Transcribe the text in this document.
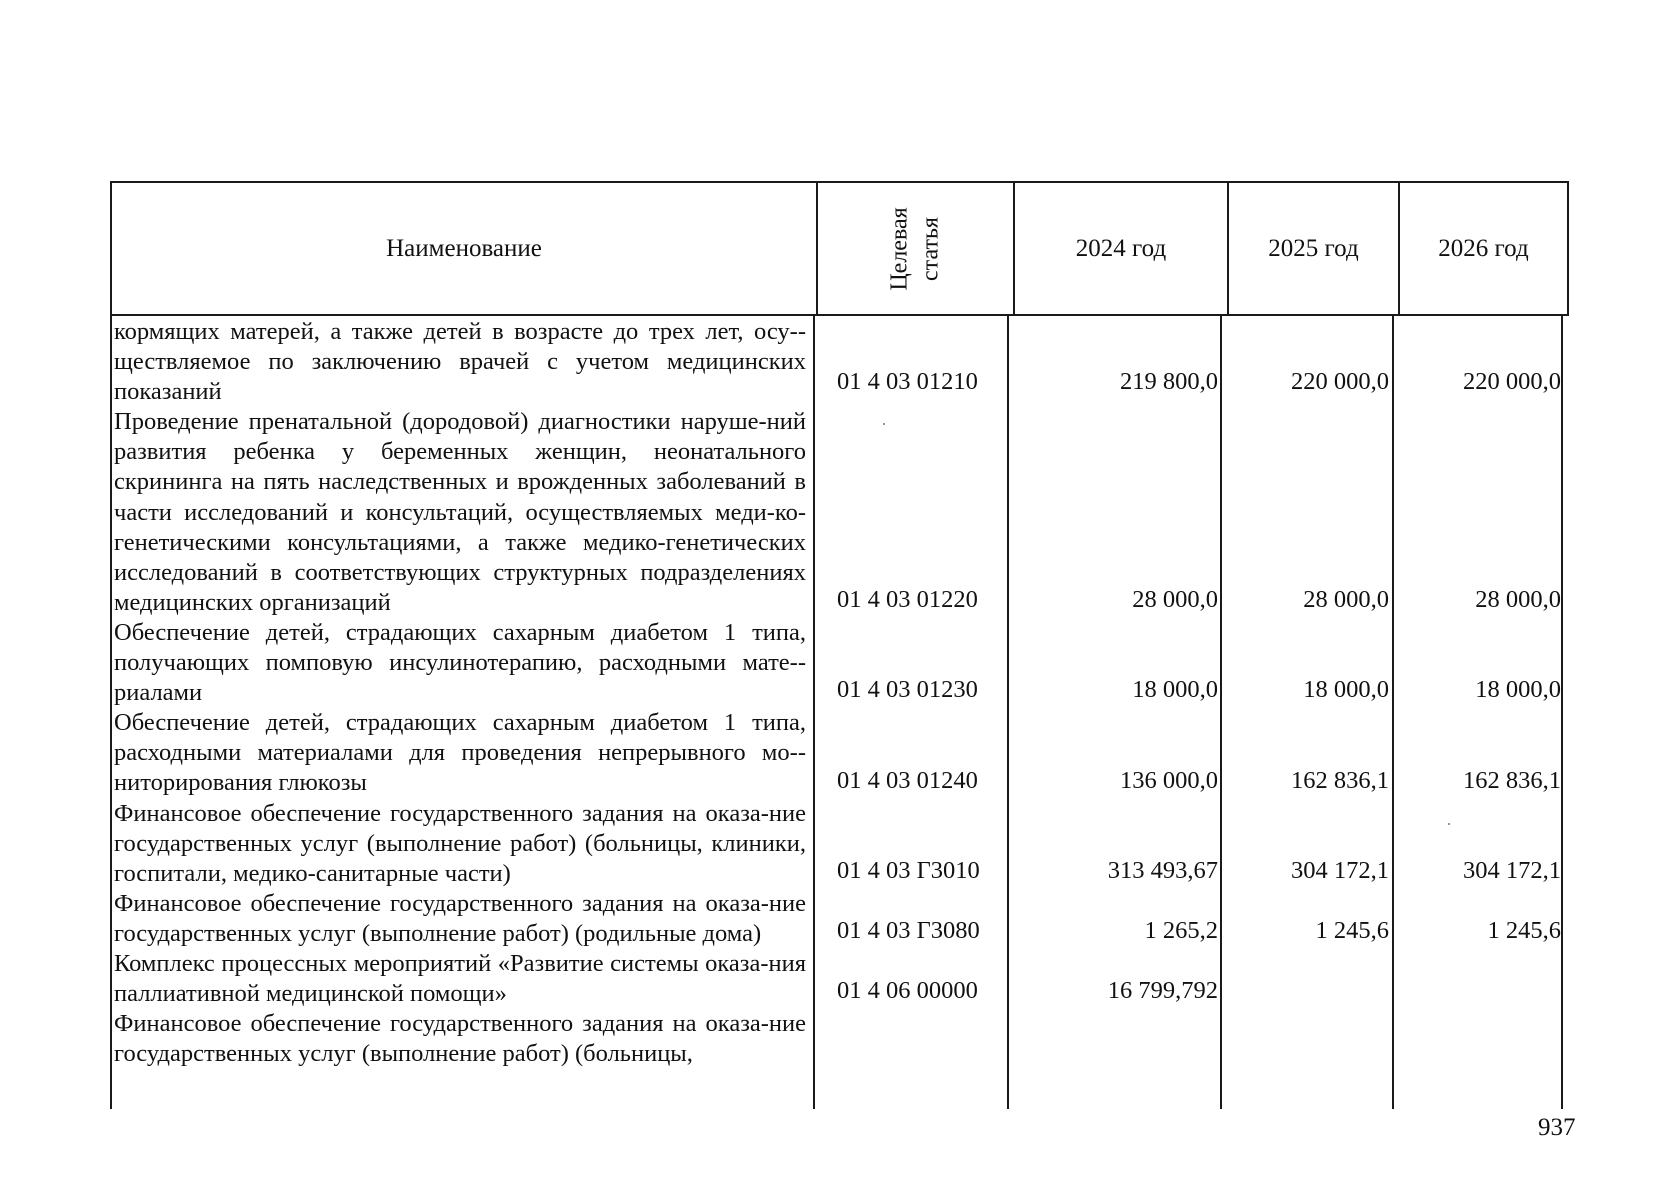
Наименование	Целевая статья	2024 год	2025 год	2026 год
кормящих матерей, а также детей в возрасте до трех лет, осу-ществляемое по заключению врачей с учетом медицинских показаний	01 4 03 01210	219 800,0	220 000,0	220 000,0
Проведение пренатальной (дородовой) диагностики наруше-ний развития ребенка у беременных женщин, неонатального скрининга на пять наследственных и врожденных заболеваний в части исследований и консультаций, осуществляемых меди-ко-генетическими консультациями, а также медико-генетических исследований в соответствующих структурных подразделениях медицинских организаций	01 4 03 01220	28 000,0	28 000,0	28 000,0
Обеспечение детей, страдающих сахарным диабетом 1 типа, получающих помповую инсулинотерапию, расходными мате-риалами	01 4 03 01230	18 000,0	18 000,0	18 000,0
Обеспечение детей, страдающих сахарным диабетом 1 типа, расходными материалами для проведения непрерывного мо-ниторирования глюкозы	01 4 03 01240	136 000,0	162 836,1	162 836,1
Финансовое обеспечение государственного задания на оказа-ние государственных услуг (выполнение работ) (больницы, клиники, госпитали, медико-санитарные части)	01 4 03 Г3010	313 493,67	304 172,1	304 172,1
Финансовое обеспечение государственного задания на оказа-ние государственных услуг (выполнение работ) (родильные дома)	01 4 03 Г3080	1 265,2	1 245,6	1 245,6
Комплекс процессных мероприятий «Развитие системы оказа-ния паллиативной медицинской помощи»	01 4 06 00000	16 799,792
Финансовое обеспечение государственного задания на оказа-ние государственных услуг (выполнение работ) (больницы,
937
